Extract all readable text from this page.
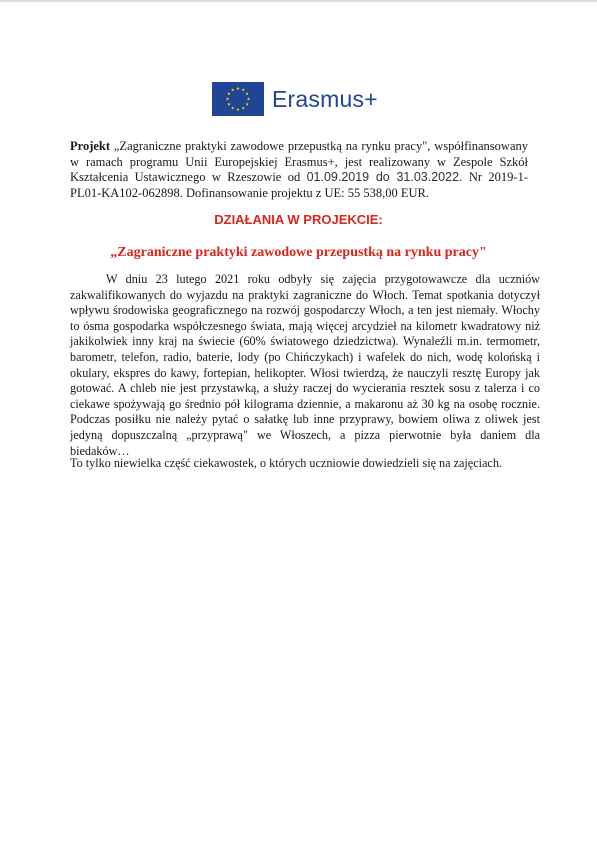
Erasmus+
Projekt „Zagraniczne praktyki zawodowe przepustką na rynku pracy", współfinansowany w ramach programu Unii Europejskiej Erasmus+, jest realizowany w Zespole Szkół Kształcenia Ustawicznego w Rzeszowie od 01.09.2019 do 31.03.2022. Nr 2019-1-PL01-KA102-062898. Dofinansowanie projektu z UE: 55 538,00 EUR.
DZIAŁANIA W PROJEKCIE:
„Zagraniczne praktyki zawodowe przepustką na rynku pracy"
W dniu 23 lutego 2021 roku odbyły się zajęcia przygotowawcze dla uczniów zakwalifikowanych do wyjazdu na praktyki zagraniczne do Włoch. Temat spotkania dotyczył wpływu środowiska geograficznego na rozwój gospodarczy Włoch, a ten jest niemały. Włochy to ósma gospodarka współczesnego świata, mają więcej arcydzieł na kilometr kwadratowy niż jakikolwiek inny kraj na świecie (60% światowego dziedzictwa). Wynaleźli m.in. termometr, barometr, telefon, radio, baterie, lody (po Chińczykach) i wafelek do nich, wodę kolońską i okulary, ekspres do kawy, fortepian, helikopter. Włosi twierdzą, że nauczyli resztę Europy jak gotować. A chleb nie jest przystawką, a służy raczej do wycierania resztek sosu z talerza i co ciekawe spożywają go średnio pół kilograma dziennie, a makaronu aż 30 kg na osobę rocznie. Podczas posiłku nie należy pytać o sałatkę lub inne przyprawy, bowiem oliwa z oliwek jest jedyną dopuszczalną „przyprawą" we Włoszech, a pizza pierwotnie była daniem dla biedaków…
To tylko niewielka część ciekawostek, o których uczniowie dowiedzieli się na zajęciach.
